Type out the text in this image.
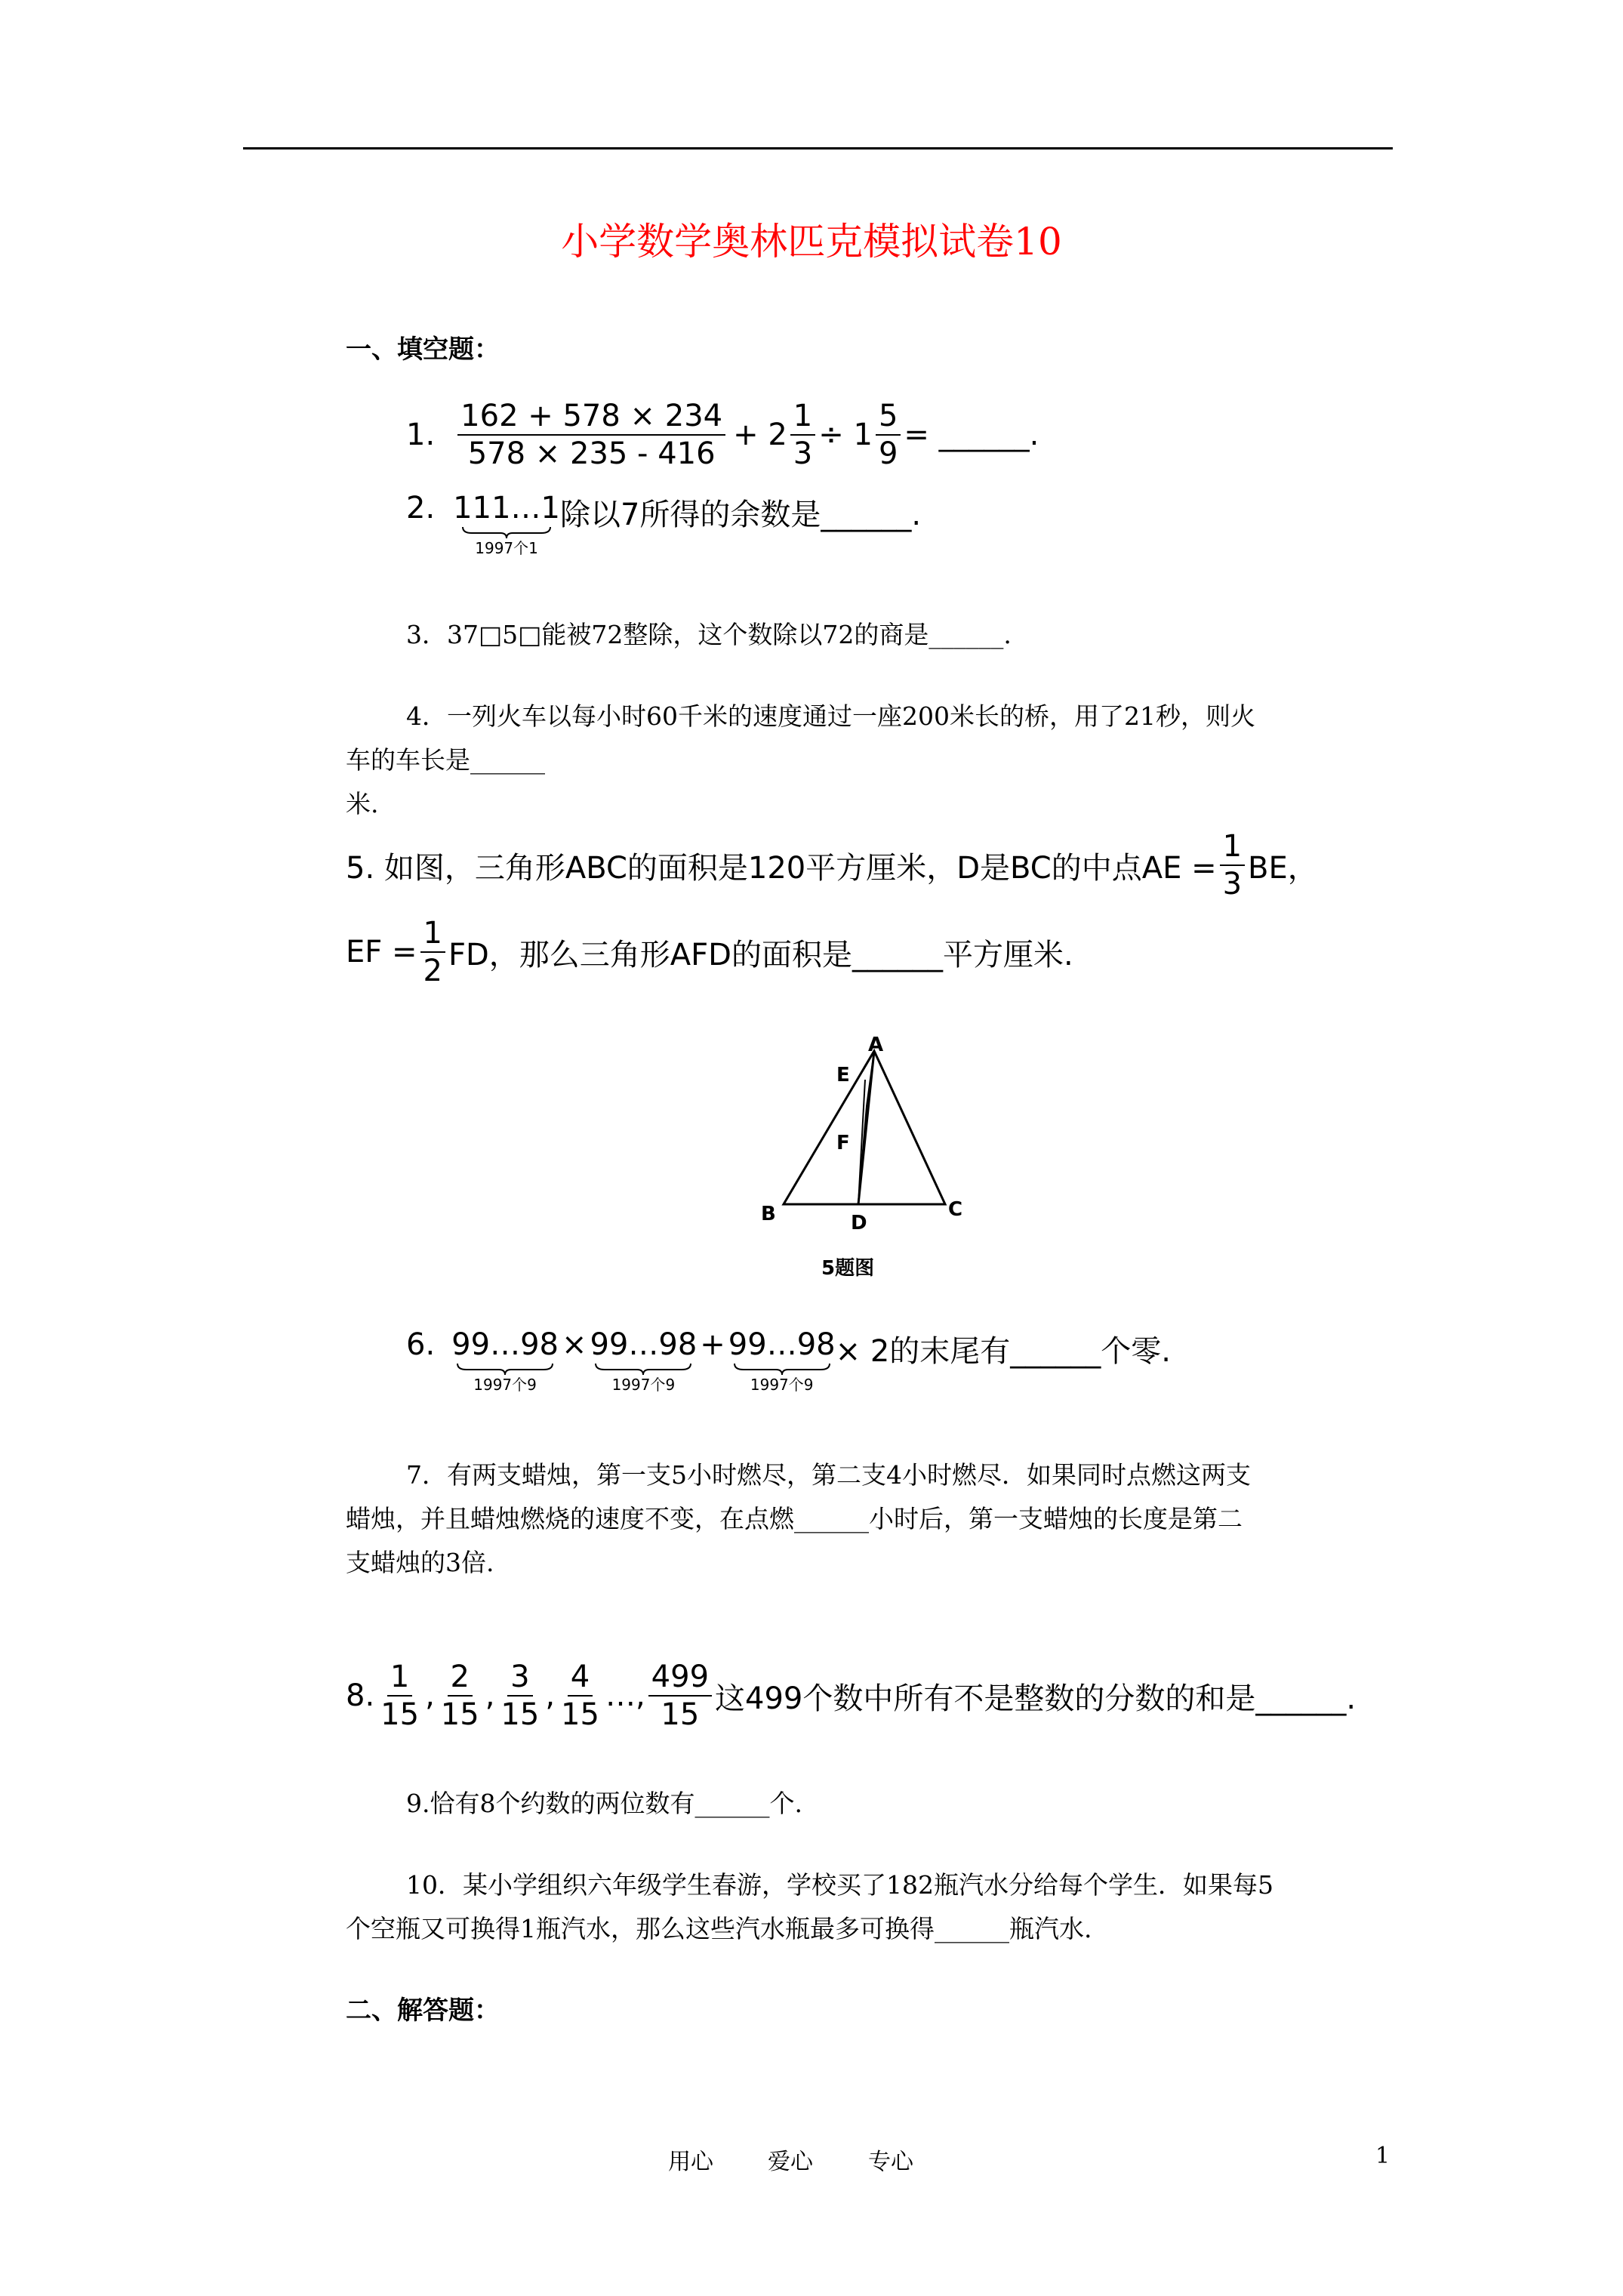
小学数学奥林匹克模拟试卷10
一、填空题：
1. $\frac{162 + 578 \times 234}{578 \times 235 - 416} + 2 \frac{1}{3} \div 1 \frac{5}{9}$ = ______.
2. 111…1
1997个1
除以7所得的余数是______.
3．37□5□能被72整除，这个数除以72的商是______.
4．一列火车以每小时60千米的速度通过一座200米长的桥，用了21秒，则火
车的车长是______
米.
5. 如图，三角形ABC的面积是120平方厘米，D是BC的中点AE = $\frac{1}{3}$ BE，
EF = $\frac{1}{2}$ FD，那么三角形AFD的面积是______平方厘米.
A
E
F
B	D
C
5题图
6. 99…98
1997个9
× 99…98
1997个9
+ 99…98
1997个9
× 2的末尾有______个零.
7．有两支蜡烛，第一支5小时燃尽，第二支4小时燃尽．如果同时点燃这两支
蜡烛，并且蜡烛燃烧的速度不变，在点燃______小时后，第一支蜡烛的长度是第二
支蜡烛的3倍.
8. $\frac{1}{15}$ , $\frac{2}{15}$ , $\frac{3}{15}$ , $\frac{4}{15}$ …, $\frac{499}{15}$ 这499个数中所有不是整数的分数的和是______.
9.恰有8个约数的两位数有______个.
10．某小学组织六年级学生春游，学校买了182瓶汽水分给每个学生．如果每5
个空瓶又可换得1瓶汽水，那么这些汽水瓶最多可换得______瓶汽水.
二、解答题：
用心 爱心 专心	1
